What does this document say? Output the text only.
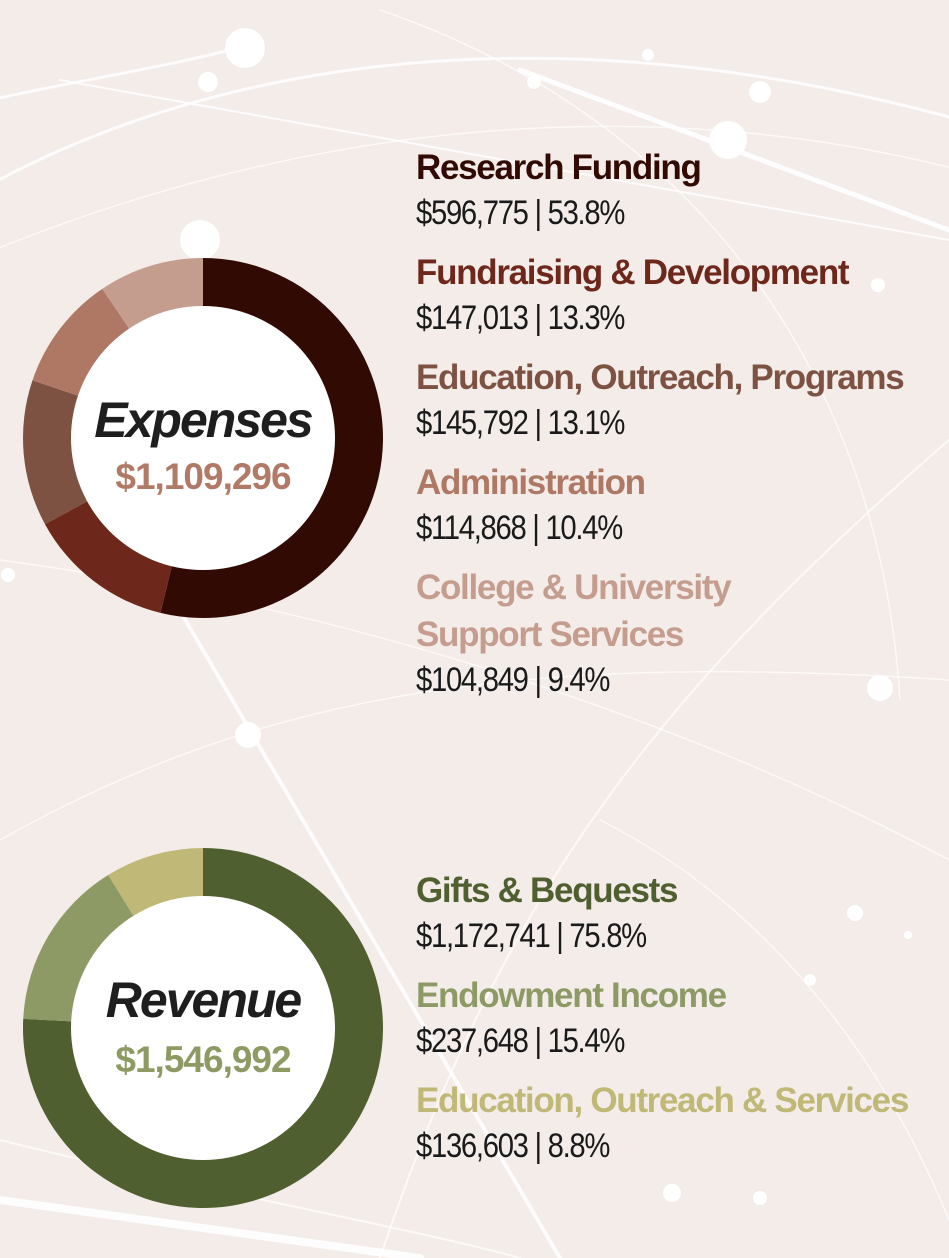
Expenses
$1,109,296
Research Funding
$596,775 | 53.8%
Fundraising & Development
$147,013 | 13.3%
Education, Outreach, Programs
$145,792 | 13.1%
Administration
$114,868 | 10.4%
College & University
Support Services
$104,849 | 9.4%
Revenue
$1,546,992
Gifts & Bequests
$1,172,741 | 75.8%
Endowment Income
$237,648 | 15.4%
Education, Outreach & Services
$136,603 | 8.8%
